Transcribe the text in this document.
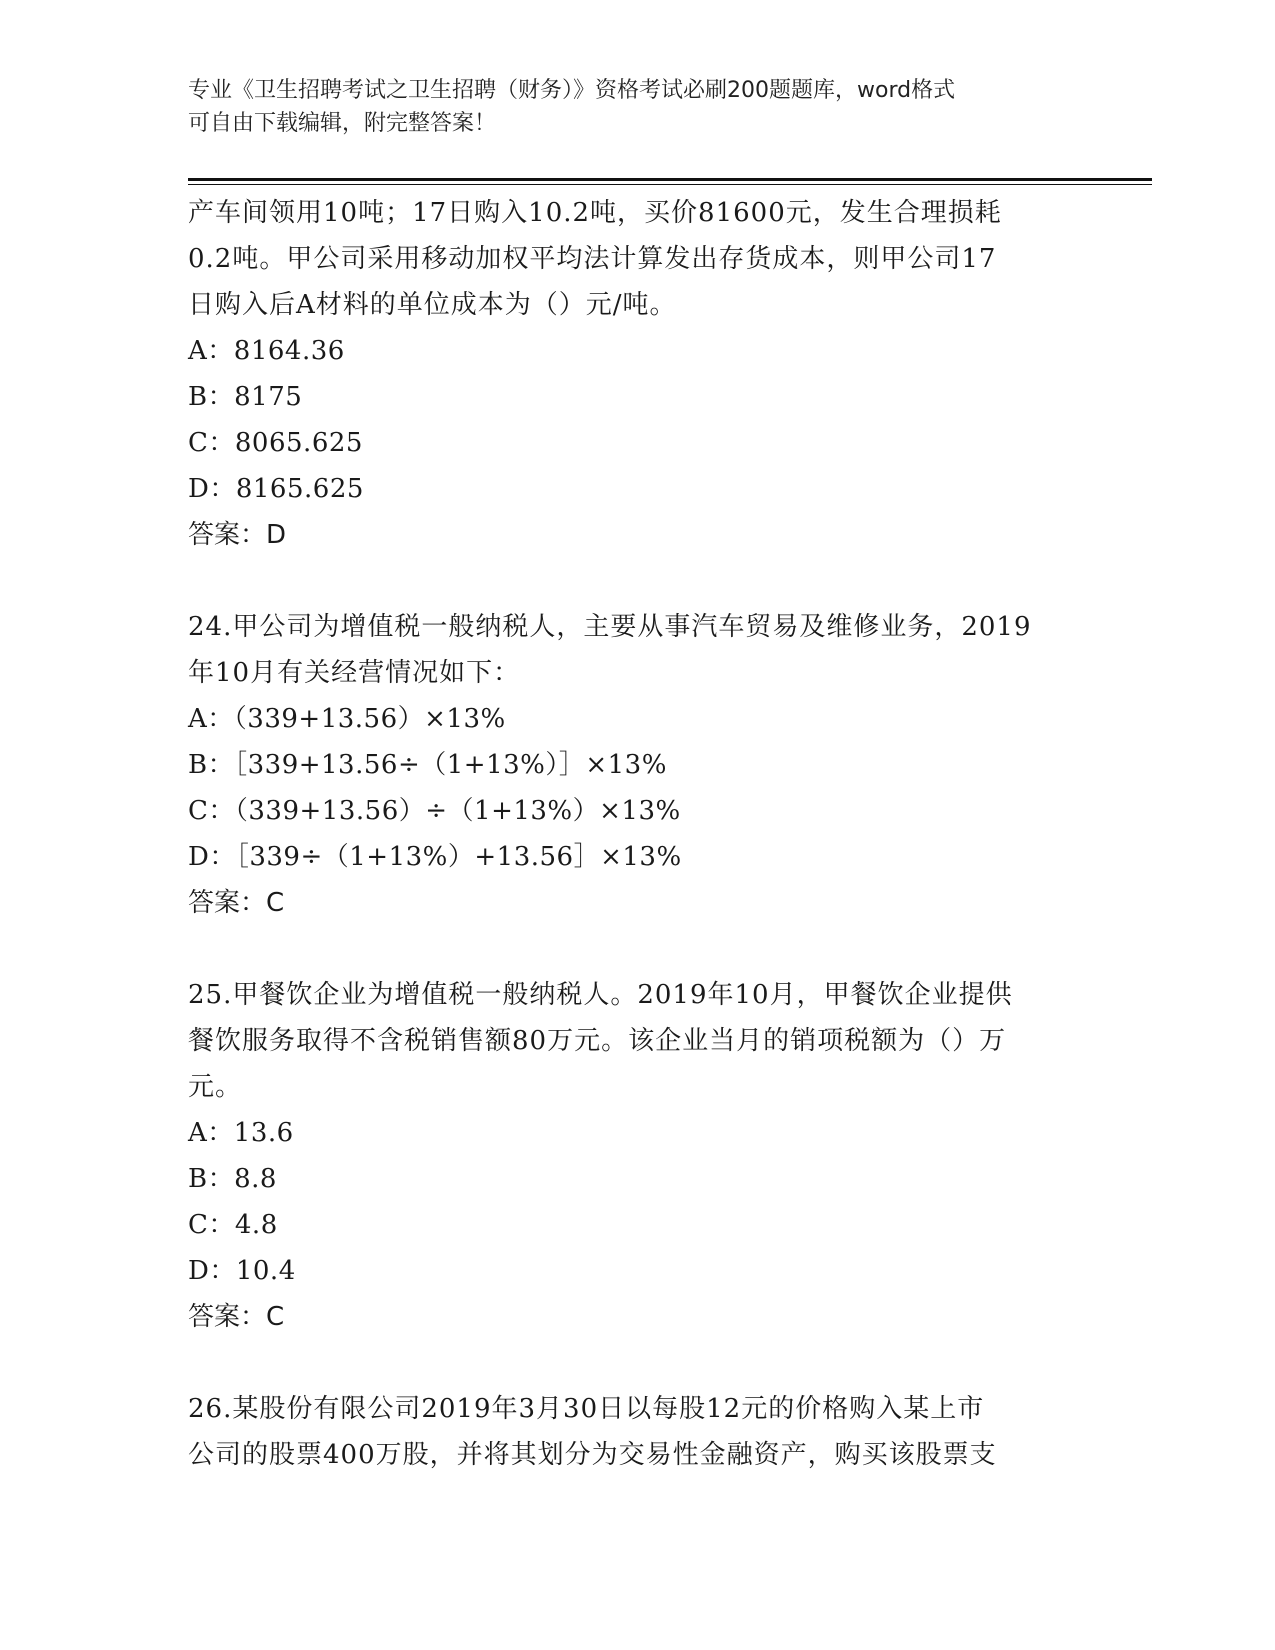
专业《卫生招聘考试之卫生招聘（财务）》资格考试必刷200题题库，word格式
可自由下载编辑，附完整答案！

产车间领用10吨；17日购入10.2吨，买价81600元，发生合理损耗

0.2吨。甲公司采用移动加权平均法计算发出存货成本，则甲公司17

日购入后A材料的单位成本为（）元/吨。

A：8164.36

B：8175

C：8065.625

D：8165.625

答案：D

24.甲公司为增值税一般纳税人，主要从事汽车贸易及维修业务，2019

年10月有关经营情况如下：

A：（339+13.56）×13%

B：［339+13.56÷（1+13%）］×13%

C：（339+13.56）÷（1+13%）×13%

D：［339÷（1+13%）+13.56］×13%

答案：C

25.甲餐饮企业为增值税一般纳税人。2019年10月，甲餐饮企业提供

餐饮服务取得不含税销售额80万元。该企业当月的销项税额为（）万

元。

A：13.6

B：8.8

C：4.8

D：10.4

答案：C

26.某股份有限公司2019年3月30日以每股12元的价格购入某上市

公司的股票400万股，并将其划分为交易性金融资产，购买该股票支
